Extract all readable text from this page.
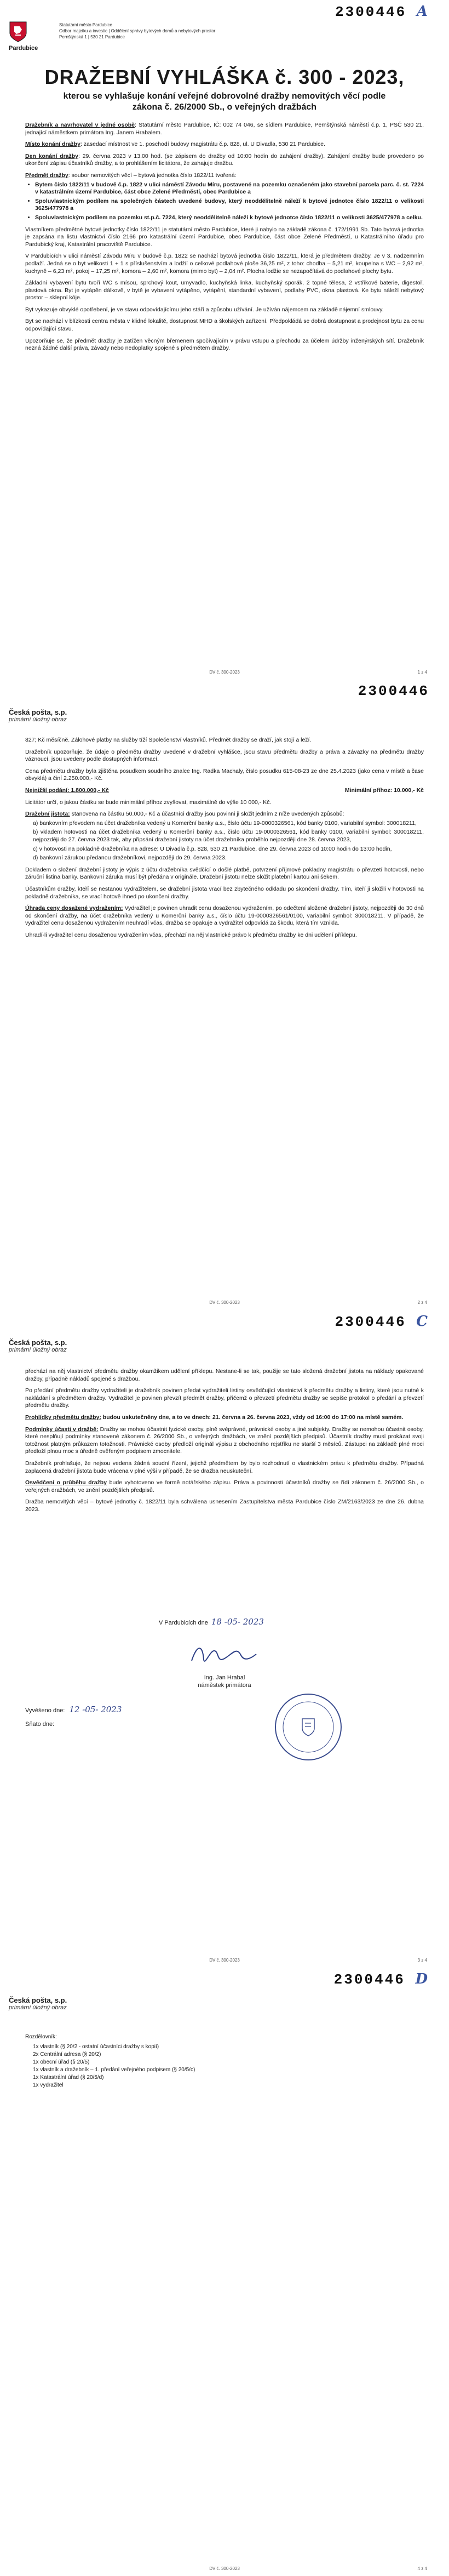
2300446 A
Pardubice
Statutární město Pardubice
Odbor majetku a investic | Oddělení správy bytových domů a nebytových prostor
Pernštýnská 1 | 530 21 Pardubice
DRAŽEBNÍ VYHLÁŠKA č. 300 - 2023,
kterou se vyhlašuje konání veřejné dobrovolné dražby nemovitých věcí podle
zákona č. 26/2000 Sb., o veřejných dražbách

Dražebník a navrhovatel v jedné osobě: Statutární město Pardubice, IČ: 002 74 046, se sídlem Pardubice, Pernštýnská náměstí č.p. 1, PSČ 530 21, jednající náměstkem primátora Ing. Janem Hrabalem.

Místo konání dražby: zasedací místnost ve 1. poschodí budovy magistrátu č.p. 828, ul. U Divadla, 530 21 Pardubice.

Den konání dražby: 29. června 2023 v 13.00 hod. (se zápisem do dražby od 10:00 hodin do zahájení dražby). Zahájení dražby bude provedeno po ukončení zápisu účastníků dražby, a to prohlášením licitátora, že zahajuje dražbu.

Předmět dražby: soubor nemovitých věcí – bytová jednotka číslo 1822/11 tvořená:

• Bytem číslo 1822/11 v budově č.p. 1822 v ulici náměstí Závodu Míru, postavené na pozemku označeném jako stavební parcela parc. č. st. 7224 v katastrálním území Pardubice, část obce Zelené Předměstí, obec Pardubice a
• Spoluvlastnickým podílem na společných částech uvedené budovy, který neoddělitelně náleží k bytové jednotce číslo 1822/11 o velikosti 3625/477978 a
• Spoluvlastnickým podílem na pozemku st.p.č. 7224, který neoddělitelně náleží k bytové jednotce číslo 1822/11 o velikosti 3625/477978 a celku.

Vlastníkem předmětné bytové jednotky číslo 1822/11 je statutární město Pardubice, které ji nabylo na základě zákona č. 172/1991 Sb. Tato bytová jednotka je zapsána na listu vlastnictví číslo 2166 pro katastrální území Pardubice, obec Pardubice, část obce Zelené Předměstí, u Katastrálního úřadu pro Pardubický kraj, Katastrální pracoviště Pardubice.

V Pardubicích v ulici náměstí Závodu Míru v budově č.p. 1822 se nachází bytová jednotka číslo 1822/11, která je předmětem dražby. Je v 3. nadzemním podlaží. Jedná se o byt velikosti 1 + 1 s příslušenstvím a lodžií o celkové podlahové ploše 36,25 m², z toho: chodba – 5,21 m², koupelna s WC – 2,92 m², kuchyně – 6,23 m², pokoj – 17,25 m², komora – 2,60 m², komora (mimo byt) – 2,04 m². Plocha lodžie se nezapočítává do podlahové plochy bytu.

Základní vybavení bytu tvoří WC s mísou, sprchový kout, umyvadlo, kuchyňská linka, kuchyňský sporák, 2 topné tělesa, 2 vstřikové baterie, digestoř, plastová okna. Byt je vytápěn dálkově, v bytě je vybavení vytápěno, vytápění, standardní vybavení, podlahy PVC, okna plastová. Ke bytu náleží nebytový prostor – sklepní kóje.

Byt vykazuje obvyklé opotřebení, je ve stavu odpovídajícímu jeho stáří a způsobu užívání. Je užíván nájemcem na základě nájemní smlouvy.

Byt se nachází v blízkosti centra města v klidné lokalitě, dostupnost MHD a školských zařízení. Předpokládá se dobrá dostupnost a prodejnost bytu za cenu odpovídající stavu.

Upozorňuje se, že předmět dražby je zatížen věcným břemenem spočívajícím v právu vstupu a přechodu za účelem údržby inženýrských sítí. Dražebník nezná žádné další práva, závady nebo nedoplatky spojené s předmětem dražby.

DV č. 300-2023	1 z 4
2300446
Česká pošta, s.p.
primární úložný obraz

827; Kč měsíčně. Zálohové platby na služby tíží Společenství vlastníků. Předmět dražby se draží, jak stojí a leží.

Dražebník upozorňuje, že údaje o předmětu dražby uvedené v dražební vyhlášce, jsou stavu předmětu dražby a práva a závazky na předmětu dražby váznoucí, jsou uvedeny podle dostupných informací.

Cena předmětu dražby byla zjištěna posudkem soudního znalce Ing. Radka Machaly, číslo posudku 615-08-23 ze dne 25.4.2023 (jako cena v místě a čase obvyklá) a činí 2.250.000,- Kč.

Nejnižší podání: 1.800.000,- Kč	Minimální příhoz: 10.000,- Kč

Licitátor určí, o jakou částku se bude minimální příhoz zvyšovat, maximálně do výše 10 000,- Kč.

Dražební jistota: stanovena na částku 50.000,- Kč a účastníci dražby jsou povinni ji složit jedním z níže uvedených způsobů:

a) bankovním převodem na účet dražebníka vedený u Komerční banky a.s., číslo účtu 19-0000326561, kód banky 0100, variabilní symbol: 300018211,
b) vkladem hotovosti na účet dražebníka vedený u Komerční banky a.s., číslo účtu 19-0000326561, kód banky 0100, variabilní symbol: 300018211, nejpozději do 27. června 2023 tak, aby připsání dražební jistoty na účet dražebníka proběhlo nejpozději dne 28. června 2023,
c) v hotovosti na pokladně dražebníka na adrese: U Divadla č.p. 828, 530 21 Pardubice, dne 29. června 2023 od 10:00 hodin do 13:00 hodin,
d) bankovní zárukou předanou dražebníkovi, nejpozději do 29. června 2023.

Dokladem o složení dražební jistoty je výpis z účtu dražebníka svědčící o došlé platbě, potvrzení příjmové pokladny magistrátu o převzetí hotovosti, nebo záruční listina banky. Bankovní záruka musí být předána v originále. Dražební jistotu nelze složit platební kartou ani šekem.

Účastníkům dražby, kteří se nestanou vydražitelem, se dražební jistota vrací bez zbytečného odkladu po skončení dražby. Tím, kteří ji složili v hotovosti na pokladně dražebníka, se vrací hotově ihned po ukončení dražby.

Úhrada ceny dosažené vydražením: Vydražitel je povinen uhradit cenu dosaženou vydražením, po odečtení složené dražební jistoty, nejpozději do 30 dnů od skončení dražby, na účet dražebníka vedený u Komerční banky a.s., číslo účtu 19-0000326561/0100, variabilní symbol: 300018211. V případě, že vydražitel cenu dosaženou vydražením neuhradí včas, dražba se opakuje a vydražitel odpovídá za škodu, která tím vznikla.

Uhradí-li vydražitel cenu dosaženou vydražením včas, přechází na něj vlastnické právo k předmětu dražby ke dni udělení příklepu.

DV č. 300-2023	2 z 4
2300446 C
Česká pošta, s.p.
primární úložný obraz

přechází na něj vlastnictví předmětu dražby okamžikem udělení příklepu. Nestane-li se tak, použije se tato složená dražební jistota na náklady opakované dražby, případně nákladů spojené s dražbou.

Po předání předmětu dražby vydražiteli je dražebník povinen předat vydražiteli listiny osvědčující vlastnictví k předmětu dražby a listiny, které jsou nutné k nakládání s předmětem dražby. Vydražitel je povinen převzít předmět dražby, přičemž o převzetí předmětu dražby se sepíše protokol o předání a převzetí předmětu dražby.

Prohlídky předmětu dražby: budou uskutečněny dne, a to ve dnech: 21. června a 26. června 2023, vždy od 16:00 do 17:00 na místě samém.

Podmínky účasti v dražbě: Dražby se mohou účastnit fyzické osoby, plně svéprávné, právnické osoby a jiné subjekty. Dražby se nemohou účastnit osoby, které nesplňují podmínky stanovené zákonem č. 26/2000 Sb., o veřejných dražbách, ve znění pozdějších předpisů. Účastník dražby musí prokázat svoji totožnost platným průkazem totožnosti. Právnické osoby předloží originál výpisu z obchodního rejstříku ne starší 3 měsíců. Zástupci na základě plné moci předloží plnou moc s úředně ověřeným podpisem zmocnitele.

Dražebník prohlašuje, že nejsou vedena žádná soudní řízení, jejichž předmětem by bylo rozhodnutí o vlastnickém právu k předmětu dražby. Případná zaplacená dražební jistota bude vrácena v plné výši v případě, že se dražba neuskuteční.

Osvědčení o průběhu dražby bude vyhotoveno ve formě notářského zápisu. Práva a povinnosti účastníků dražby se řídí zákonem č. 26/2000 Sb., o veřejných dražbách, ve znění pozdějších předpisů.

Dražba nemovitých věcí – bytové jednotky č. 1822/11 byla schválena usnesením Zastupitelstva města Pardubice číslo ZM/2163/2023 ze dne 26. dubna 2023.

V Pardubicích dne 18 -05- 2023
Ing. Jan Hrabal
náměstek primátora
Vyvěšeno dne: 12 -05- 2023
Sňato dne:
DV č. 300-2023	3 z 4
2300446 D
Česká pošta, s.p.
primární úložný obraz
Rozdělovník:
1x vlastník (§ 20/2 - ostatní účastníci dražby s kopií)
2x Centrální adresa (§ 20/2)
1x obecní úřad (§ 20/5)
1x vlastník a dražebník – 1. předání veřejného podpisem (§ 20/5/c)
1x Katastrální úřad (§ 20/5/d)
1x vydražitel
DV č. 300-2023	4 z 4
